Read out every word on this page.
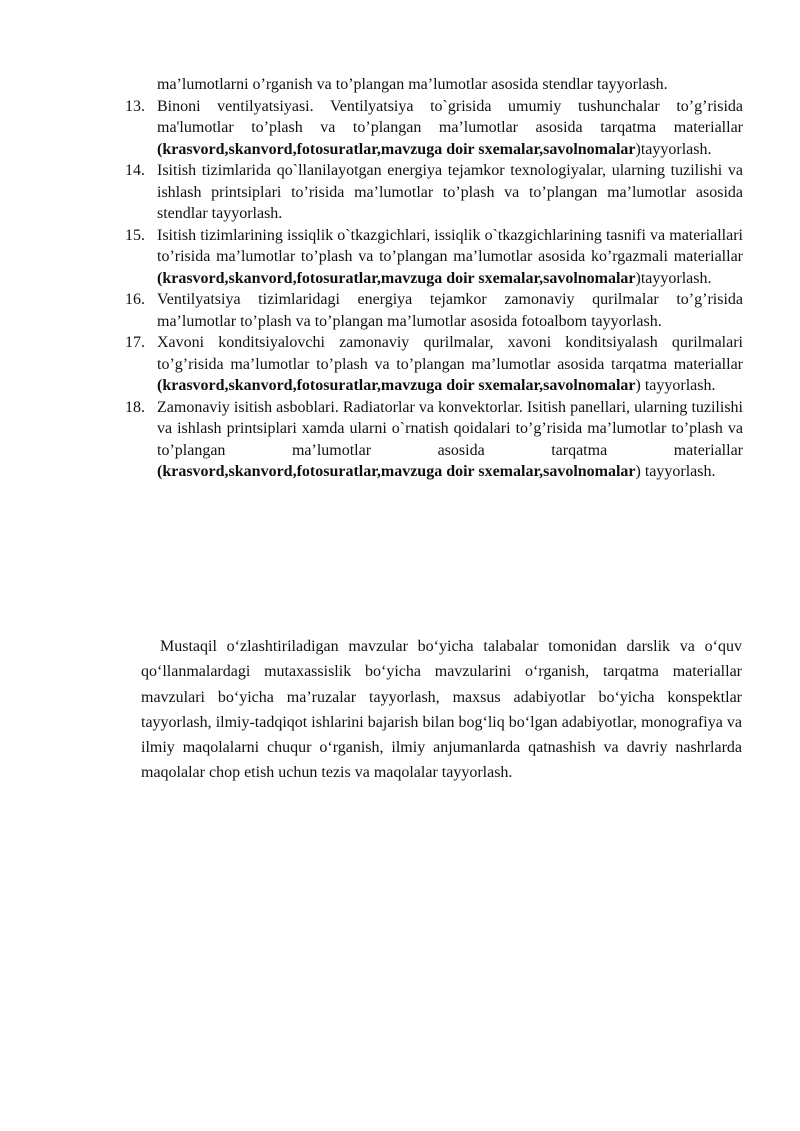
ma’lumotlarni o’rganish va to’plangan ma’lumotlar asosida stendlar tayyorlash.
13. Binoni ventilyatsiyasi. Ventilyatsiya to`grisida umumiy tushunchalar to’g’risida ma'lumotlar to’plash va to’plangan ma’lumotlar asosida tarqatma materiallar (krasvord,skanvord,fotosuratlar,mavzuga doir sxemalar,savolnomalar)tayyorlash.
14. Isitish tizimlarida qo`llanilayotgan energiya tejamkor texnologiyalar, ularning tuzilishi va ishlash printsiplari to’risida ma’lumotlar to’plash va to’plangan ma’lumotlar asosida stendlar tayyorlash.
15. Isitish tizimlarining issiqlik o`tkazgichlari, issiqlik o`tkazgichlarining tasnifi va materiallari to’risida ma’lumotlar to’plash va to’plangan ma’lumotlar asosida ko’rgazmali materiallar (krasvord,skanvord,fotosuratlar,mavzuga doir sxemalar,savolnomalar)tayyorlash.
16. Ventilyatsiya tizimlaridagi energiya tejamkor zamonaviy qurilmalar to’g’risida ma’lumotlar to’plash va to’plangan ma’lumotlar asosida fotoalbom tayyorlash.
17. Xavoni konditsiyalovchi zamonaviy qurilmalar, xavoni konditsiyalash qurilmalari to’g’risida ma’lumotlar to’plash va to’plangan ma’lumotlar asosida tarqatma materiallar (krasvord,skanvord,fotosuratlar,mavzuga doir sxemalar,savolnomalar) tayyorlash.
18. Zamonaviy isitish asboblari. Radiatorlar va konvektorlar. Isitish panellari, ularning tuzilishi va ishlash printsiplari xamda ularni o`rnatish qoidalari to’g’risida ma’lumotlar to’plash va to’plangan ma’lumotlar asosida tarqatma materiallar (krasvord,skanvord,fotosuratlar,mavzuga doir sxemalar,savolnomalar) tayyorlash.

Mustaqil o‘zlashtiriladigan mavzular bo‘yicha talabalar tomonidan darslik va o‘quv qo‘llanmalardagi mutaxassislik bo‘yicha mavzularini o‘rganish, tarqatma materiallar mavzulari bo‘yicha ma’ruzalar tayyorlash, maxsus adabiyotlar bo‘yicha konspektlar tayyorlash, ilmiy-tadqiqot ishlarini bajarish bilan bog‘liq bo‘lgan adabiyotlar, monografiya va ilmiy maqolalarni chuqur o‘rganish, ilmiy anjumanlarda qatnashish va davriy nashrlarda maqolalar chop etish uchun tezis va maqolalar tayyorlash.
